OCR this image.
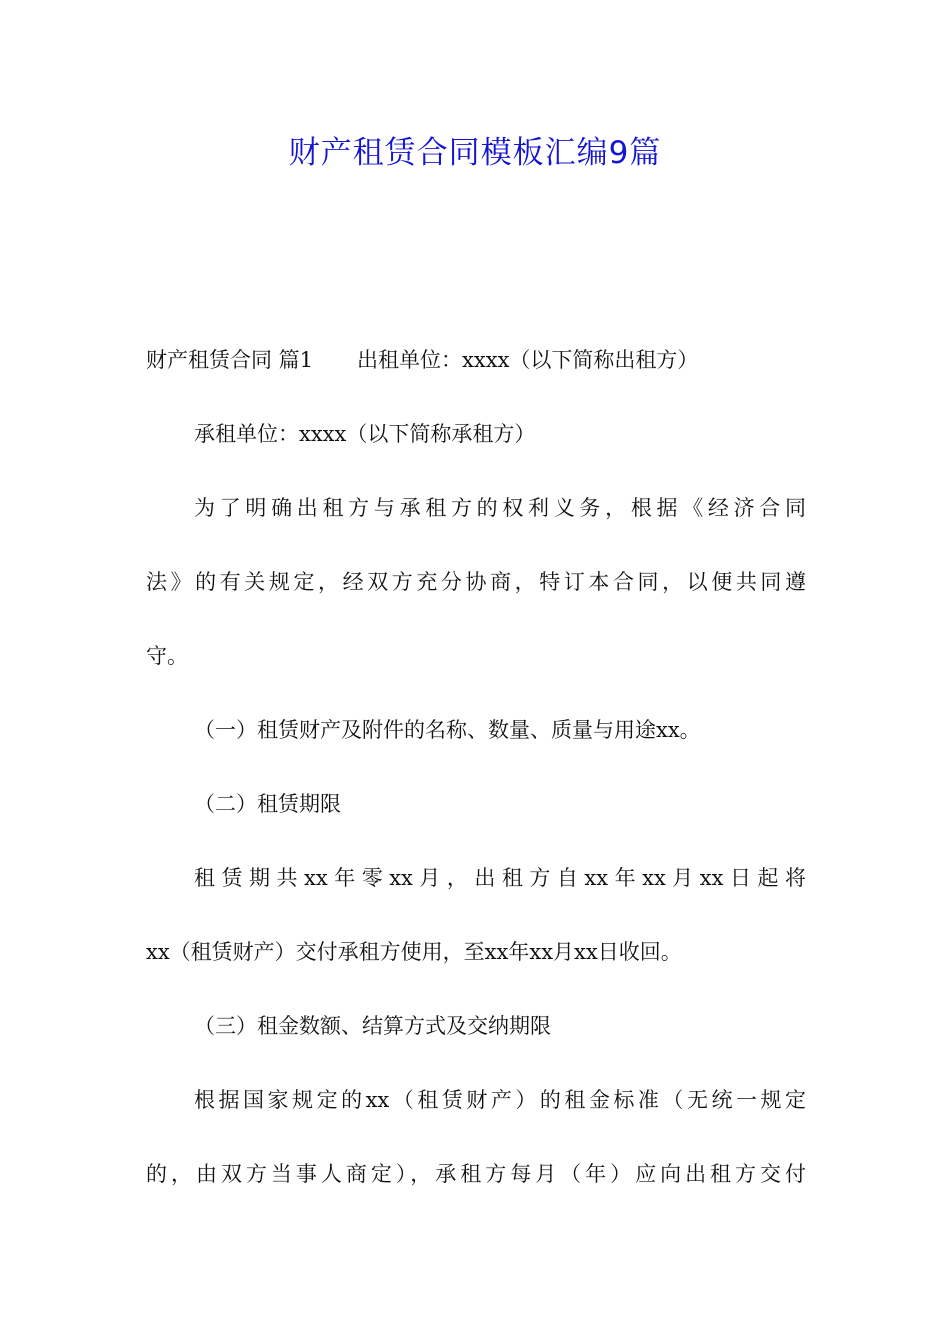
财产租赁合同模板汇编9篇
财产租赁合同 篇1 出租单位：xxxx（以下简称出租方）
承租单位：xxxx（以下简称承租方）
为了明确出租方与承租方的权利义务，根据《经济合同
法》的有关规定，经双方充分协商，特订本合同，以便共同遵
守。
（一）租赁财产及附件的名称、数量、质量与用途xx。
（二）租赁期限
租赁期共xx年零xx月，出租方自xx年xx月xx日起将
xx（租赁财产）交付承租方使用，至xx年xx月xx日收回。
（三）租金数额、结算方式及交纳期限
根据国家规定的xx（租赁财产）的租金标准（无统一规定
的，由双方当事人商定），承租方每月（年）应向出租方交付
